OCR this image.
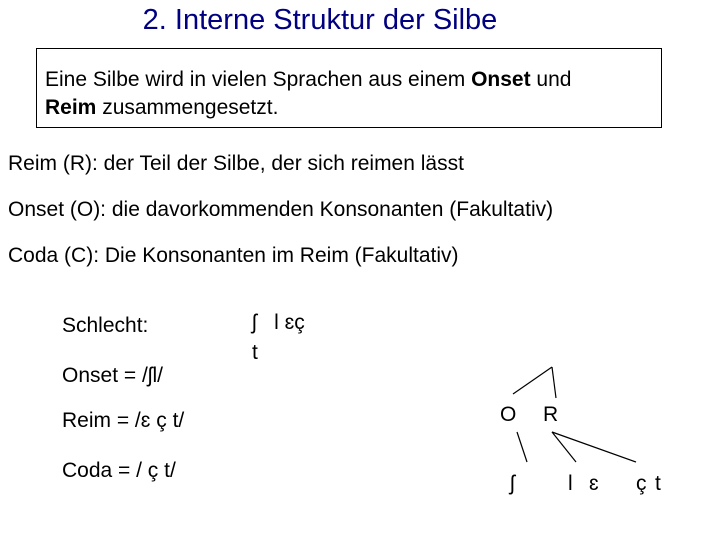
2. Interne Struktur der Silbe
Eine Silbe wird in vielen Sprachen aus einem Onset und
Reim zusammengesetzt.
Reim (R): der Teil der Silbe, der sich reimen lässt
Onset (O): die davorkommenden Konsonanten (Fakultativ)
Coda (C): Die Konsonanten im Reim (Fakultativ)
Schlecht:
Onset = /ʃl/
Reim = /ɛ ç t/
Coda = / ç t/
ʃ   l ɛç
t
O R
ʃ	l ɛ ç t
